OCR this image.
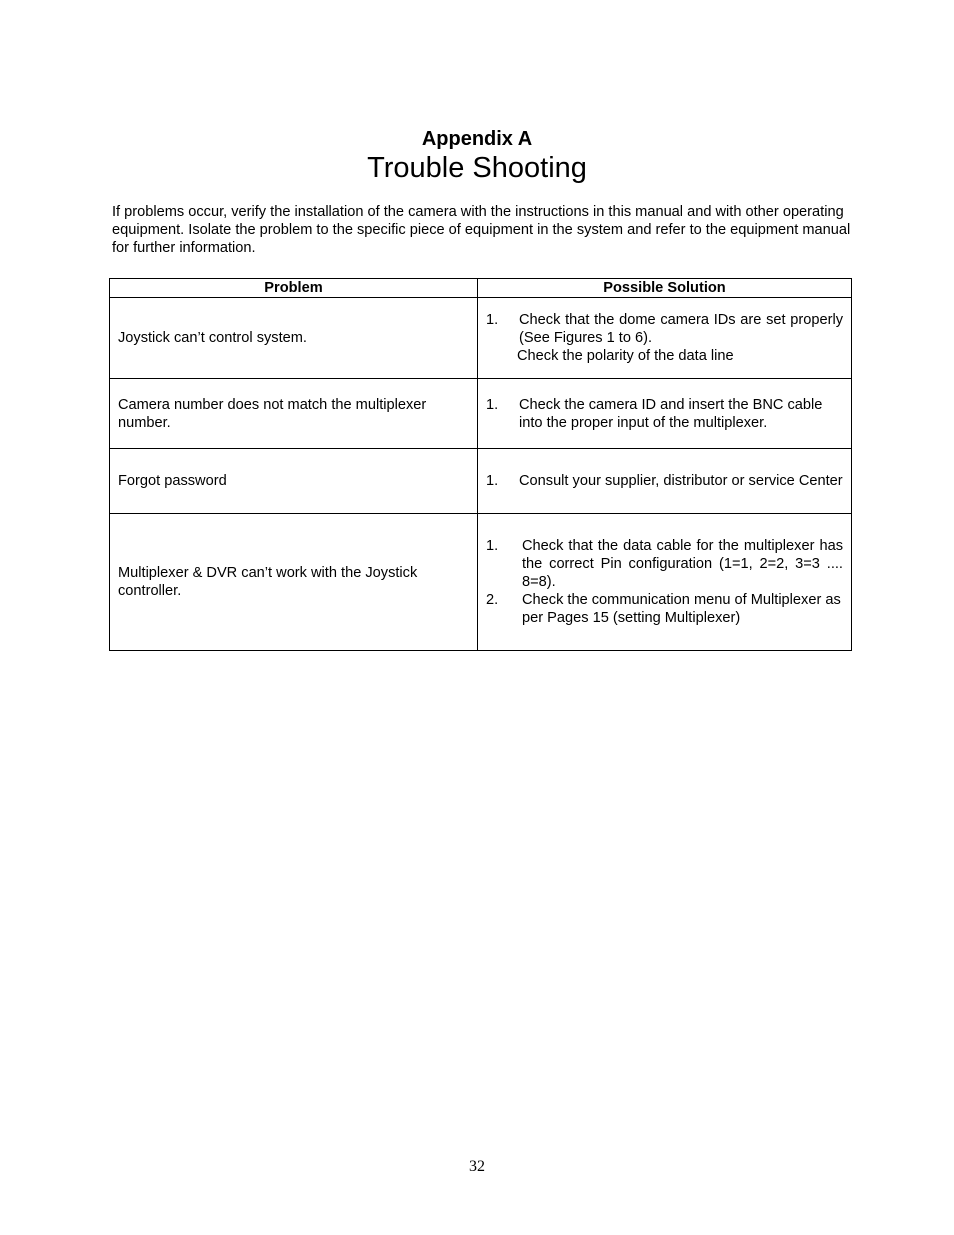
Appendix A
Trouble Shooting
If problems occur, verify the installation of the camera with the instructions in this manual and with other operating equipment. Isolate the problem to the specific piece of equipment in the system and refer to the equipment manual for further information.
Problem	Possible Solution
Joystick can’t control system.	1. Check that the dome camera IDs are set properly (See Figures 1 to 6).
Check the polarity of the data line

Camera number does not match the multiplexer number.	1. Check the camera ID and insert the BNC cable into the proper input of the multiplexer.

Forgot password	1. Consult your supplier, distributor or service Center

Multiplexer & DVR can’t work with the Joystick controller.	1. Check that the data cable for the multiplexer has the correct Pin configuration (1=1, 2=2, 3=3 .... 8=8).
2. Check the communication menu of Multiplexer as per Pages 15 (setting Multiplexer)
32
